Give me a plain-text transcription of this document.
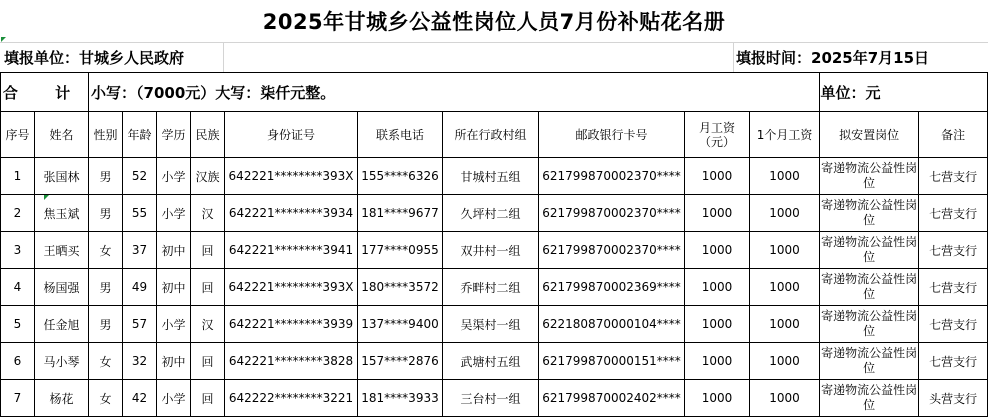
2025年甘城乡公益性岗位人员7月份补贴花名册
填报单位：甘城乡人民政府	填报时间：2025年7月15日
合 计		小写：（7000元）大写：柒仟元整。 单位：元											

序号	姓名	性别	年龄	学历	民族	身份证号	联系电话	所在行政村组	邮政银行卡号	月工资（元）	1个月工资	拟安置岗位	备注
1	张国林	男	52	小学	汉族	642221********393X	155****6326	甘城村五组	621799870002370****	1000	1000	寄递物流公益性岗位	七营支行
2	焦玉斌	男	55	小学	汉	642221********3934	181****9677	久坪村二组	621799870002370****	1000	1000	寄递物流公益性岗位	七营支行
3	王晒买	女	37	初中	回	642221********3941	177****0955	双井村一组	621799870002370****	1000	1000	寄递物流公益性岗位	七营支行
4	杨国强	男	49	初中	回	642221********393X	180****3572	乔畔村二组	621799870002369****	1000	1000	寄递物流公益性岗位	七营支行
5	任金旭	男	57	小学	汉	642221********3939	137****9400	吴渠村一组	622180870000104****	1000	1000	寄递物流公益性岗位	七营支行
6	马小琴	女	32	初中	回	642221********3828	157****2876	武塘村五组	621799870000151****	1000	1000	寄递物流公益性岗位	七营支行
7	杨花	女	42	小学	回	642222********3221	181****3933	三台村一组	621799870002402****	1000	1000	寄递物流公益性岗位	头营支行
